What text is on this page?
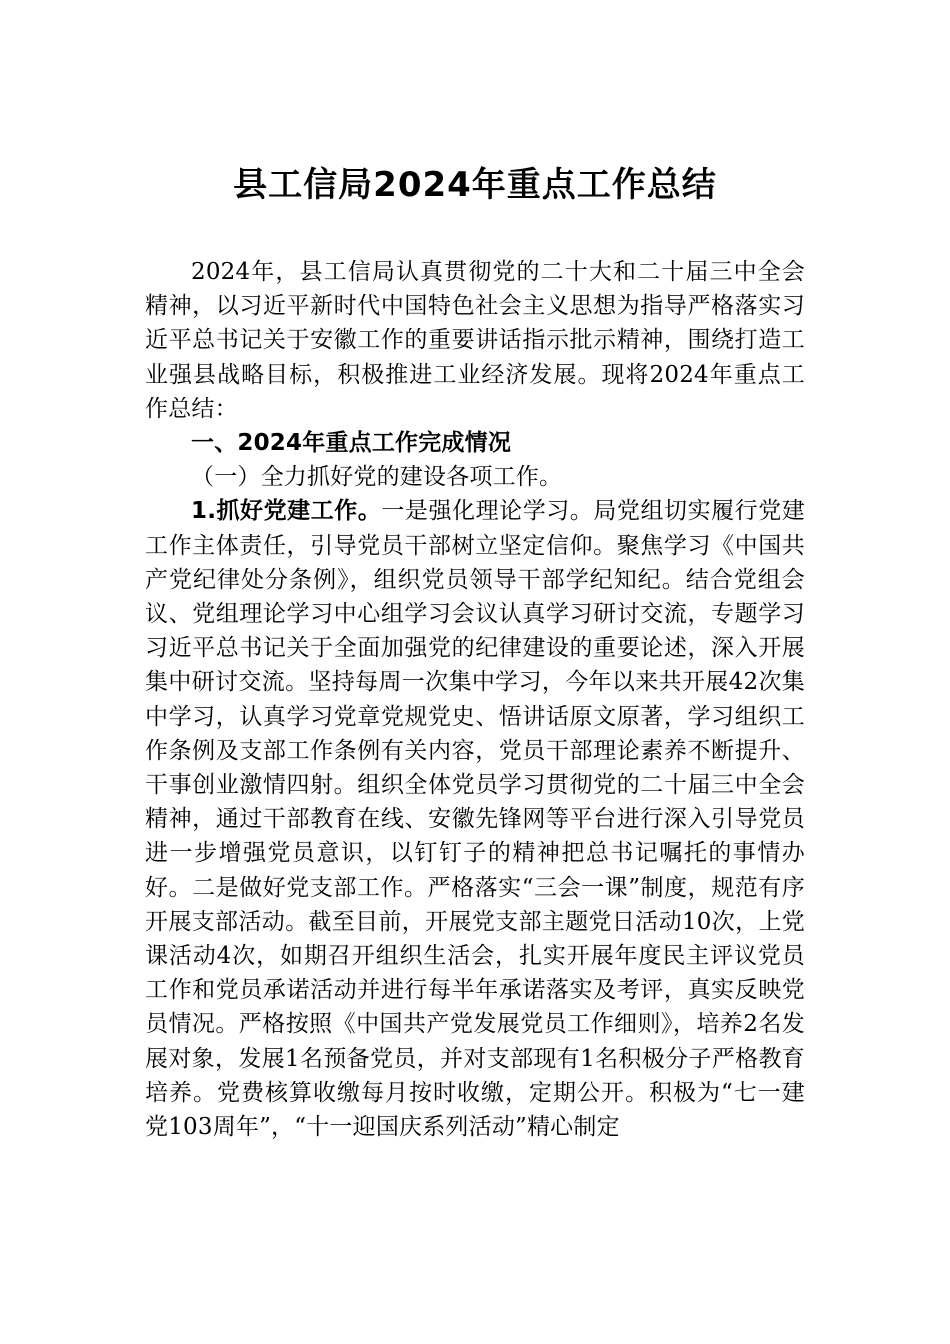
县工信局2024年重点工作总结

2024年，县工信局认真贯彻党的二十大和二十届三中全会精神，以习近平新时代中国特色社会主义思想为指导严格落实习近平总书记关于安徽工作的重要讲话指示批示精神，围绕打造工业强县战略目标，积极推进工业经济发展。现将2024年重点工作总结：

一、2024年重点工作完成情况

（一）全力抓好党的建设各项工作。

1.抓好党建工作。一是强化理论学习。局党组切实履行党建工作主体责任，引导党员干部树立坚定信仰。聚焦学习《中国共产党纪律处分条例》，组织党员领导干部学纪知纪。结合党组会议、党组理论学习中心组学习会议认真学习研讨交流，专题学习习近平总书记关于全面加强党的纪律建设的重要论述，深入开展集中研讨交流。坚持每周一次集中学习，今年以来共开展42次集中学习，认真学习党章党规党史、悟讲话原文原著，学习组织工作条例及支部工作条例有关内容，党员干部理论素养不断提升、干事创业激情四射。组织全体党员学习贯彻党的二十届三中全会精神，通过干部教育在线、安徽先锋网等平台进行深入引导党员进一步增强党员意识，以钉钉子的精神把总书记嘱托的事情办好。二是做好党支部工作。严格落实“三会一课”制度，规范有序开展支部活动。截至目前，开展党支部主题党日活动10次，上党课活动4次，如期召开组织生活会，扎实开展年度民主评议党员工作和党员承诺活动并进行每半年承诺落实及考评，真实反映党员情况。严格按照《中国共产党发展党员工作细则》，培养2名发展对象，发展1名预备党员，并对支部现有1名积极分子严格教育培养。党费核算收缴每月按时收缴，定期公开。积极为“七一建党103周年”，“十一迎国庆系列活动”精心制定
